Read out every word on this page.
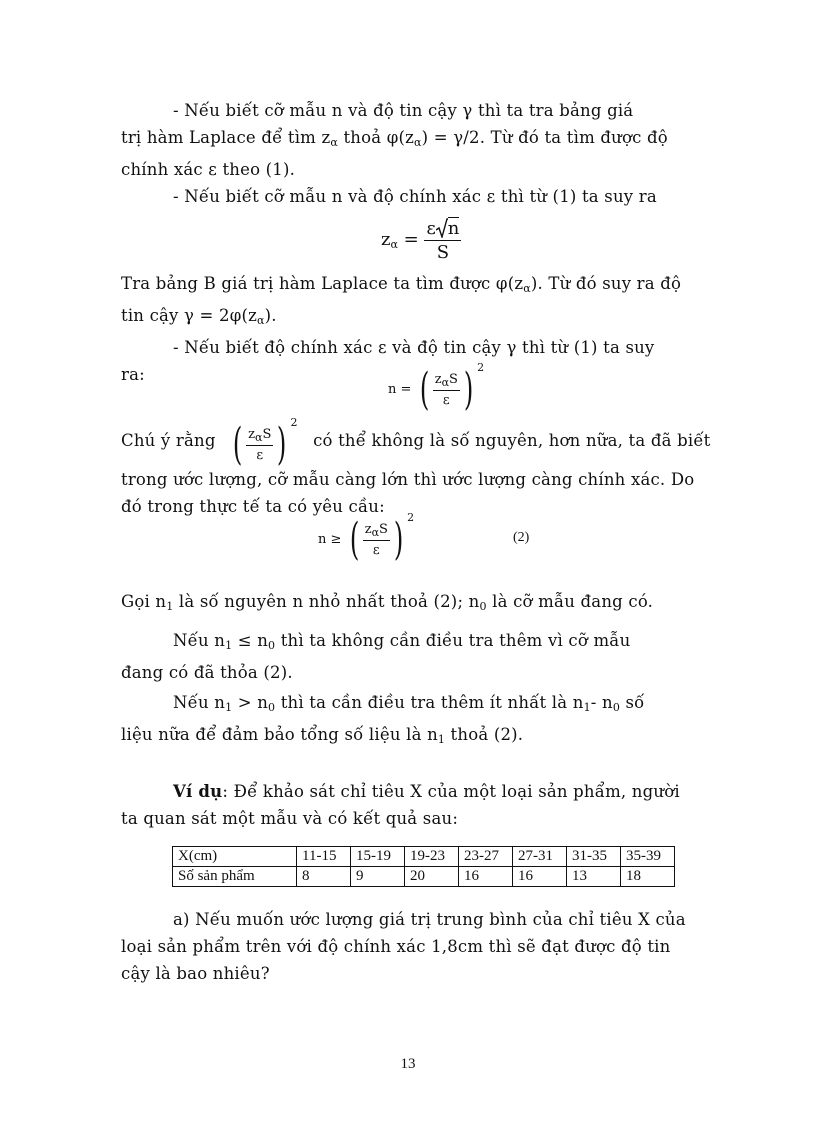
- Nếu biết cỡ mẫu n và độ tin cậy γ thì ta tra bảng giá
trị hàm Laplace để tìm $z_\alpha$ thoả $\varphi(z_\alpha) = \gamma/2$. Từ đó ta tìm được độ
chính xác ε theo (1).
- Nếu biết cỡ mẫu n và độ chính xác ε thì từ (1) ta suy ra
$z_\alpha = \frac{\text{ε n}}{S}$
Tra bảng B giá trị hàm Laplace ta tìm được $\varphi(z_\alpha)$. Từ đó suy ra độ
tin cậy $\gamma = 2\varphi(z_\alpha)$.
- Nếu biết độ chính xác ε và độ tin cậy γ thì từ (1) ta suy
ra:
n = ( $\frac{z_\alpha S}{\varepsilon}$ ) $^2$
Chú ý rằng	có thể không là số nguyên, hơn nữa, ta đã biết
( $\frac{z_\alpha S}{\varepsilon}$ ) $^2$
trong ước lượng, cỡ mẫu càng lớn thì ước lượng càng chính xác. Do
đó trong thực tế ta có yêu cầu:
n ≥ ( $\frac{z_\alpha S}{\varepsilon}$ ) $^2$
(2)
Gọi $n_1$ là số nguyên n nhỏ nhất thoả (2); $n_0$ là cỡ mẫu đang có.
Nếu $n_1 \le n_0$ thì ta không cần điều tra thêm vì cỡ mẫu
đang có đã thỏa (2).
Nếu $n_1 > n_0$ thì ta cần điều tra thêm ít nhất là $n_1-$ $n_0$ số
liệu nữa để đảm bảo tổng số liệu là $n_1$ thoả (2).
Ví dụ: Để khảo sát chỉ tiêu X của một loại sản phẩm, người
ta quan sát một mẫu và có kết quả sau:
X(cm)	11-15	15-19	19-23	23-27	27-31	31-35	35-39
Số sản phẩm	8	9	20	16	16	13	18
a) Nếu muốn ước lượng giá trị trung bình của chỉ tiêu X của
loại sản phẩm trên với độ chính xác 1,8cm thì sẽ đạt được độ tin
cậy là bao nhiêu?
13
